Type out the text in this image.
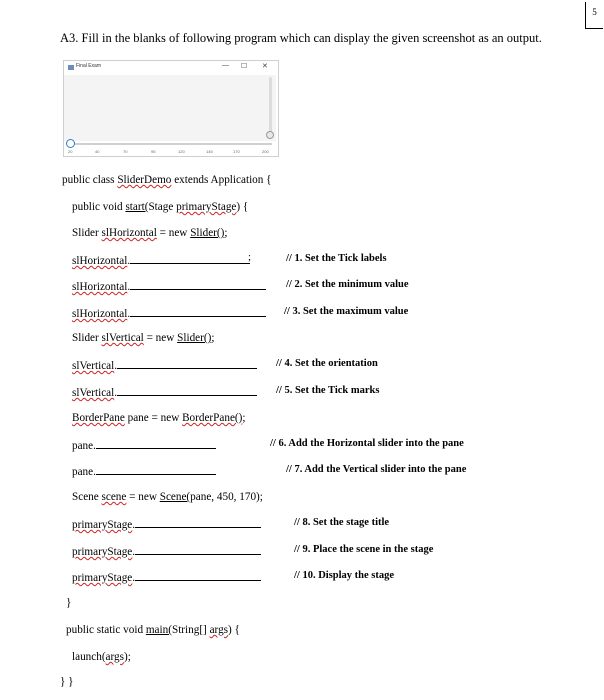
5
A3. Fill in the blanks of following program which can display the given screenshot as an output.
Final Exam	— ☐ ✕
20	40	70	95	120	145	170	200
public class SliderDemo extends Application {
public void start(Stage primaryStage) {
Slider slHorizontal = new Slider();
slHorizontal.	;	// 1. Set the Tick labels
slHorizontal.	// 2. Set the minimum value
slHorizontal.	// 3. Set the maximum value
Slider slVertical = new Slider();
slVertical.	// 4. Set the orientation
slVertical.	// 5. Set the Tick marks
BorderPane pane = new BorderPane();
pane.	// 6. Add the Horizontal slider into the pane
pane.	// 7. Add the Vertical slider into the pane
Scene scene = new Scene(pane, 450, 170);
primaryStage.	// 8. Set the stage title
primaryStage.	// 9. Place the scene in the stage
primaryStage.	// 10. Display the stage
}
public static void main(String[] args) {
launch(args);
} }
